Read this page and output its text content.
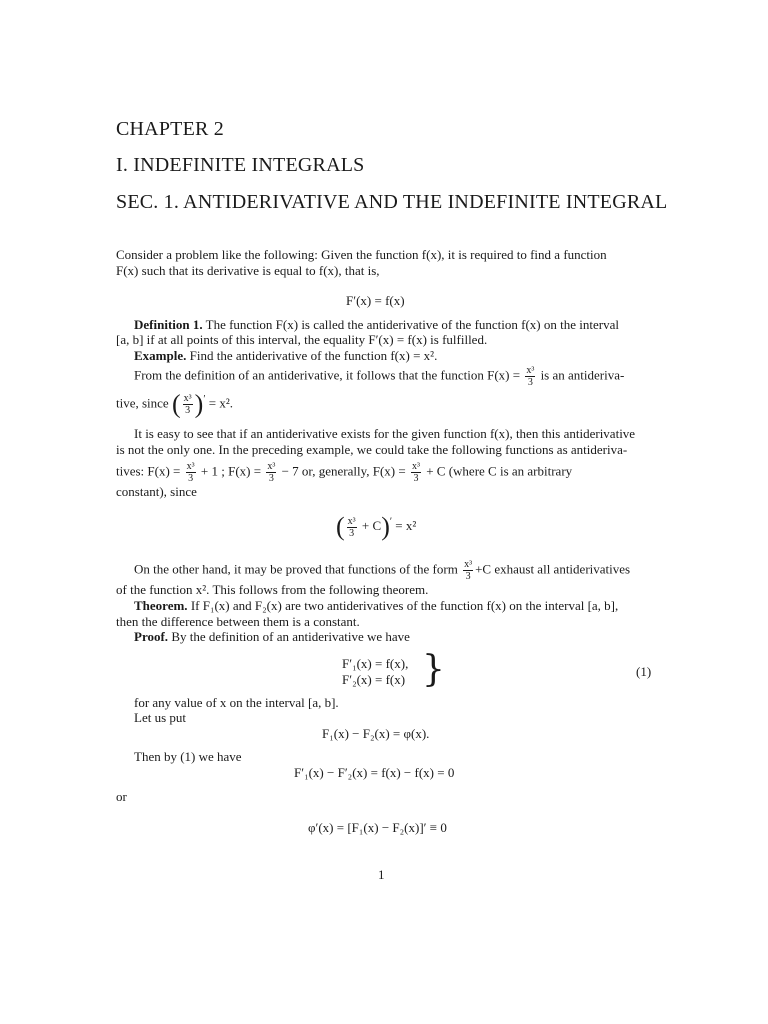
CHAPTER 2
I. INDEFINITE INTEGRALS
SEC. 1. ANTIDERIVATIVE AND THE INDEFINITE INTEGRAL
Consider a problem like the following: Given the function f(x), it is required to find a function
F(x) such that its derivative is equal to f(x), that is,
F′(x) = f(x)
Definition 1. The function F(x) is called the antiderivative of the function f(x) on the interval
[a, b] if at all points of this interval, the equality F′(x) = f(x) is fulfilled.
Example. Find the antiderivative of the function f(x) = x².
From the definition of an antiderivative, it follows that the function $F(x) = \frac{\text{x³}}{3}$ is an antideriva-
tive, since ( $\frac{\text{x³}}{3} )' = x^2$.
It is easy to see that if an antiderivative exists for the given function f(x), then this antiderivative
is not the only one. In the preceding example, we could take the following functions as antideriva-
tives: $F(x) = \frac{\text{x³}}{3} + 1$ ; $F(x) = \frac{\text{x³}}{3} - 7$ or, generally, $F(x) = \frac{\text{x³}}{3} + C$ (where C is an arbitrary
constant), since
( $\frac{\text{x³}}{3} + C)' = x^2$
On the other hand, it may be proved that functions of the form $\frac{\text{x³}}{3} +C$ exhaust all antiderivatives
of the function x². This follows from the following theorem.
Theorem. If F₁(x) and F₂(x) are two antiderivatives of the function f(x) on the interval [a, b],
then the difference between them is a constant.
Proof. By the definition of an antiderivative we have
F′₁(x) = f(x),
F′₂(x) = f(x) }	(1)
for any value of x on the interval [a, b].
Let us put
F₁(x) − F₂(x) = φ(x).
Then by (1) we have
F′₁(x) − F′₂(x) = f(x) − f(x) = 0
or
φ′(x) = [F₁(x) − F₂(x)]′ ≡ 0
1
